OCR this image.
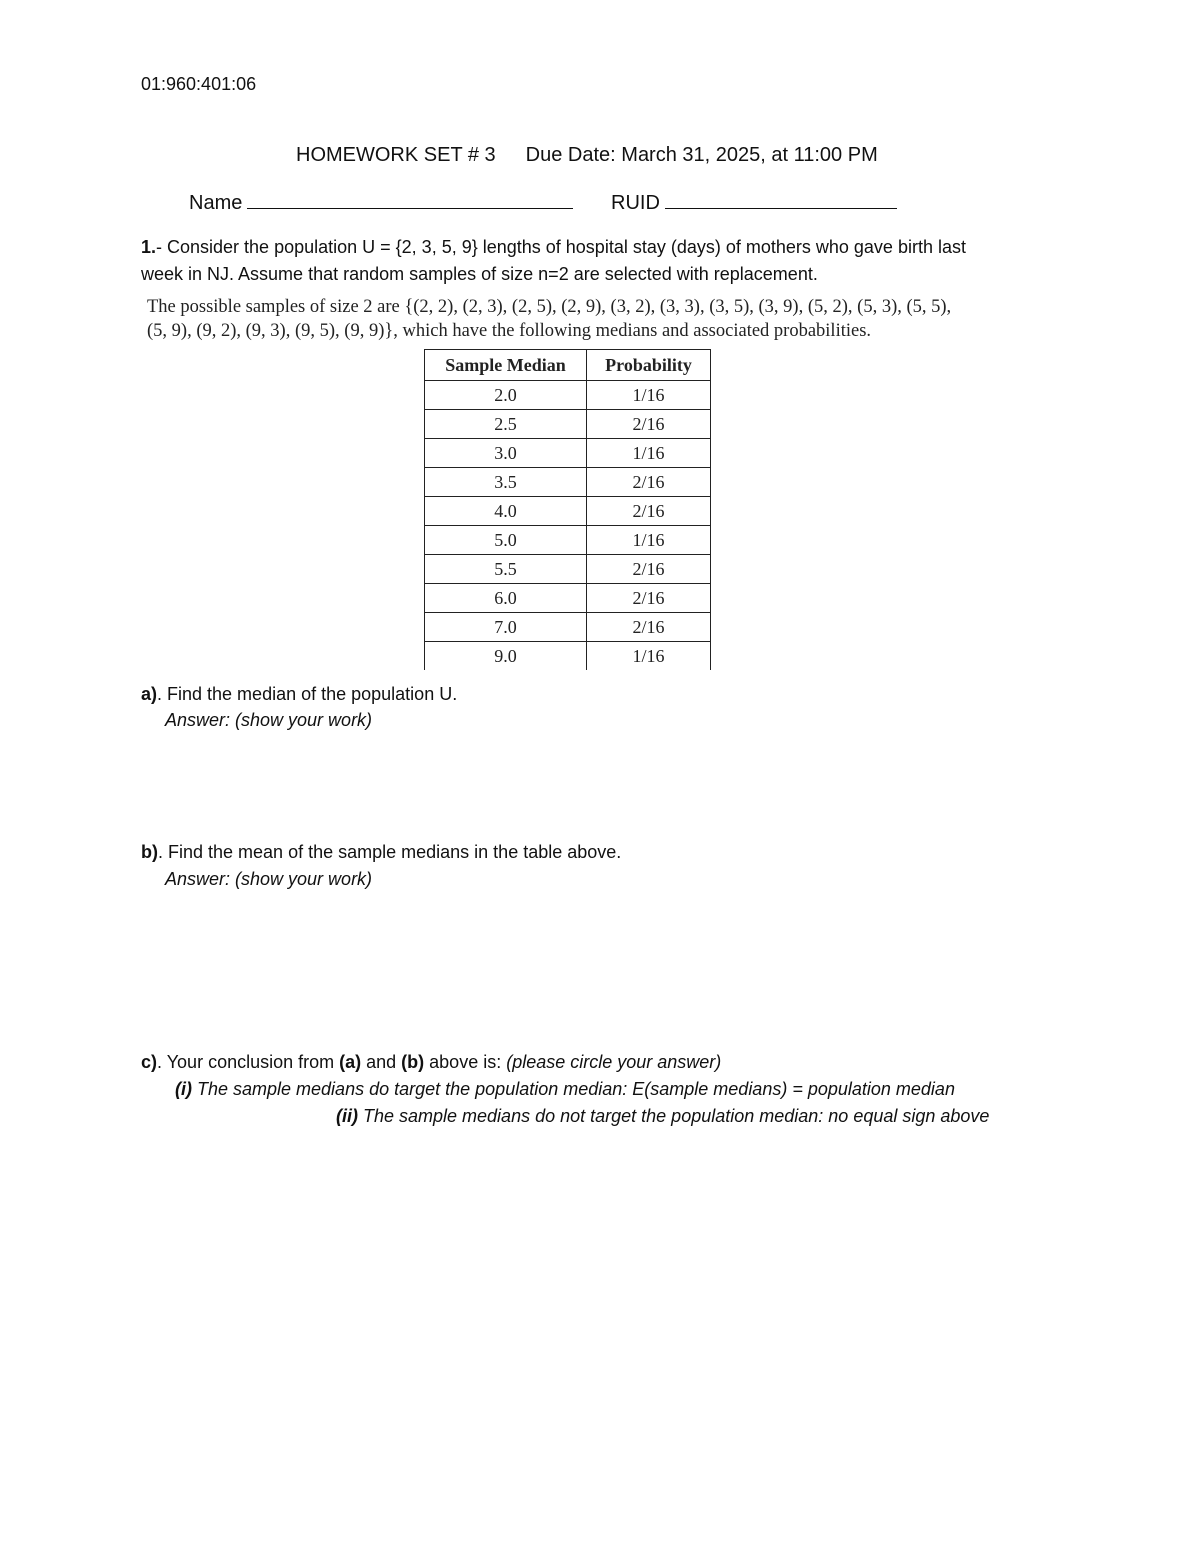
01:960:401:06
HOMEWORK SET # 3 Due Date: March 31, 2025, at 11:00 PM
Name	RUID
1.- Consider the population U = {2, 3, 5, 9} lengths of hospital stay (days) of mothers who gave birth last
week in NJ. Assume that random samples of size n=2 are selected with replacement.
The possible samples of size 2 are {(2, 2), (2, 3), (2, 5), (2, 9), (3, 2), (3, 3), (3, 5), (3, 9), (5, 2), (5, 3), (5, 5),
(5, 9), (9, 2), (9, 3), (9, 5), (9, 9)}, which have the following medians and associated probabilities.
Sample Median	Probability
2.0	1/16
2.5	2/16
3.0	1/16
3.5	2/16
4.0	2/16
5.0	1/16
5.5	2/16
6.0	2/16
7.0	2/16
9.0	1/16
a). Find the median of the population U.
Answer: (show your work)
b). Find the mean of the sample medians in the table above.
Answer: (show your work)
c). Your conclusion from (a) and (b) above is: (please circle your answer)
(i) The sample medians do target the population median: E(sample medians) = population median
(ii) The sample medians do not target the population median: no equal sign above
